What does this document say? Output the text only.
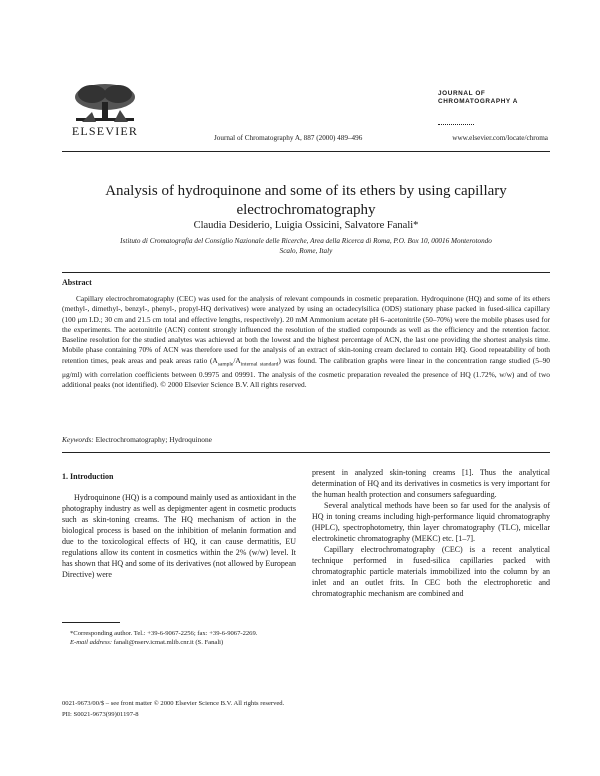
ELSEVIER	Journal of Chromatography A, 887 (2000) 489–496
JOURNAL OF
CHROMATOGRAPHY A
www.elsevier.com/locate/chroma
Analysis of hydroquinone and some of its ethers by using capillary electrochromatography
Claudia Desiderio, Luigia Ossicini, Salvatore Fanali*
Istituto di Cromatografia del Consiglio Nazionale delle Ricerche, Area della Ricerca di Roma, P.O. Box 10, 00016 Monterotondo Scalo, Rome, Italy
Abstract
Capillary electrochromatography (CEC) was used for the analysis of relevant compounds in cosmetic preparation. Hydroquinone (HQ) and some of its ethers (methyl-, dimethyl-, benzyl-, phenyl-, propyl-HQ derivatives) were analyzed by using an octadecylsilica (ODS) stationary phase packed in fused-silica capillary (100 μm I.D.; 30 cm and 21.5 cm total and effective lengths, respectively). 20 mM Ammonium acetate pH 6–acetonitrile (50–70%) were the mobile phases used for the experiments. The acetonitrile (ACN) content strongly influenced the resolution of the studied compounds as well as the efficiency and the retention factor. Baseline resolution for the studied analytes was achieved at both the lowest and the highest percentage of ACN, the last one providing the shortest analysis time. Mobile phase containing 70% of ACN was therefore used for the analysis of an extract of skin-toning cream declared to contain HQ. Good repeatability of both retention times, peak areas and peak areas ratio $(A_{sample}/A_{internal standard})$ was found. The calibration graphs were linear in the concentration range studied (5–90 μg/ml) with correlation coefficients between 0.9975 and 09991. The analysis of the cosmetic preparation revealed the presence of HQ (1.72%, w/w) and of two additional peaks (not identified). © 2000 Elsevier Science B.V. All rights reserved.
Keywords: Electrochromatography; Hydroquinone
1. Introduction

Hydroquinone (HQ) is a compound mainly used as antioxidant in the photography industry as well as depigmenter agent in cosmetic products such as skin-toning creams. The HQ mechanism of action in the biological process is based on the inhibition of melanin formation and due to the toxicological effects of HQ, it can cause dermatitis, EU regulations allow its content in cosmetics within the 2% (w/w) level. It has shown that HQ and some of its derivatives (not allowed by European Directive) were

present in analyzed skin-toning creams [1]. Thus the analytical determination of HQ and its derivatives in cosmetics is very important for the human health protection and consumers safeguarding.

Several analytical methods have been so far used for the analysis of HQ in toning creams including high-performance liquid chromatography (HPLC), spectrophotometry, thin layer chromatography (TLC), micellar electrokinetic chromatography (MEKC) etc. [1–7].

Capillary electrochromatography (CEC) is a recent analytical technique performed in fused-silica capillaries packed with chromatographic particle materials immobilized into the column by an inlet and an outlet frits. In CEC both the electrophoretic and chromatographic mechanism are combined and

*Corresponding author. Tel.: +39-6-9067-2256; fax: +39-6-9067-2269.
E-mail address: fanali@nserv.icmat.mlib.cnr.it (S. Fanali)
0021-9673/00/$ – see front matter © 2000 Elsevier Science B.V. All rights reserved.
PII: S0021-9673(99)01197-8
